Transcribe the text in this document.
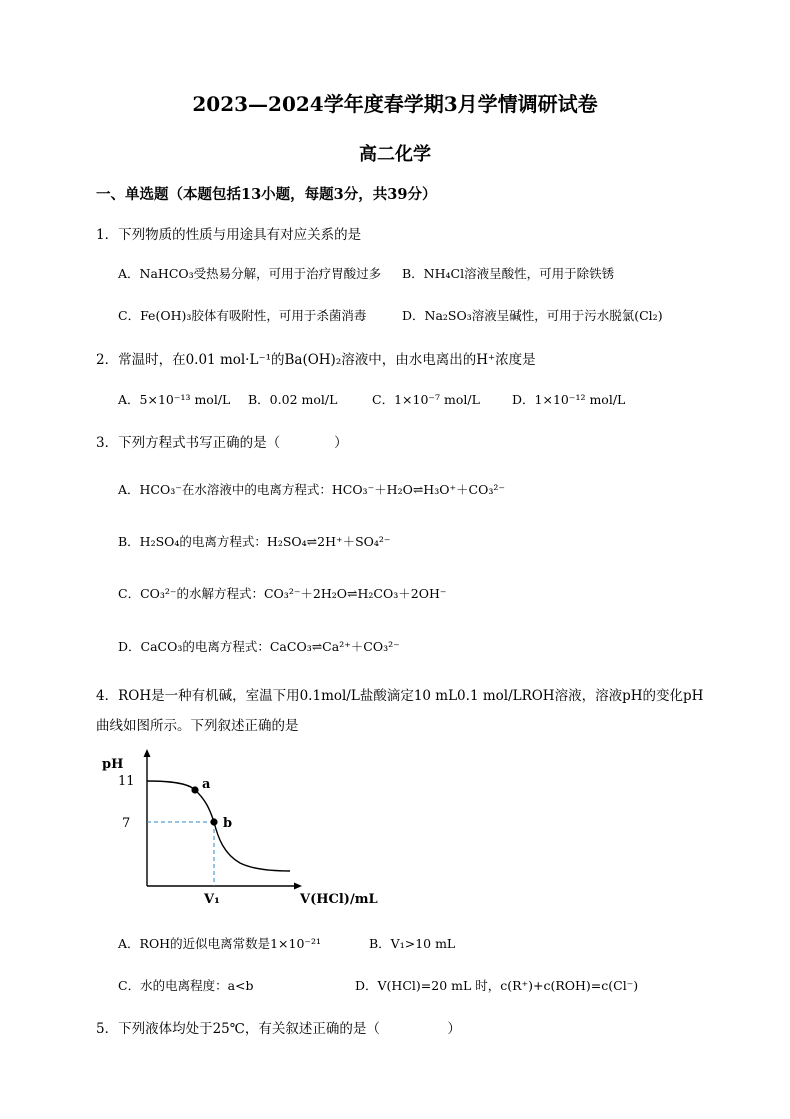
2023—2024学年度春学期3月学情调研试卷
高二化学
一、单选题（本题包括13小题，每题3分，共39分）
1．下列物质的性质与用途具有对应关系的是
A．NaHCO₃受热易分解，可用于治疗胃酸过多 B．NH₄Cl溶液呈酸性，可用于除铁锈
C．Fe(OH)₃胶体有吸附性，可用于杀菌消毒	D．Na₂SO₃溶液呈碱性，可用于污水脱氯(Cl₂)
2．常温时，在0.01 mol·L⁻¹的Ba(OH)₂溶液中，由水电离出的H⁺浓度是
A．5×10⁻¹³ mol/L B．0.02 mol/L	C．1×10⁻⁷ mol/L	D．1×10⁻¹² mol/L
3．下列方程式书写正确的是（　　　　）
A．HCO₃⁻在水溶液中的电离方程式：HCO₃⁻＋H₂O⇌H₃O⁺＋CO₃²⁻
B．H₂SO₄的电离方程式：H₂SO₄⇌2H⁺＋SO₄²⁻
C．CO₃²⁻的水解方程式：CO₃²⁻＋2H₂O⇌H₂CO₃＋2OH⁻
D．CaCO₃的电离方程式：CaCO₃⇌Ca²⁺＋CO₃²⁻
4．ROH是一种有机碱，室温下用0.1mol/L盐酸滴定10 mL0.1 mol/LROH溶液，溶液pH的变化pH
曲线如图所示。下列叙述正确的是
pH
11
7
a
b
V₁	V(HCl)/mL
A．ROH的近似电离常数是1×10⁻²¹	B．V₁>10 mL
C．水的电离程度：a<b	D．V(HCl)=20 mL 时，c(R⁺)+c(ROH)=c(Cl⁻)
5．下列液体均处于25℃，有关叙述正确的是（　　　　　）
